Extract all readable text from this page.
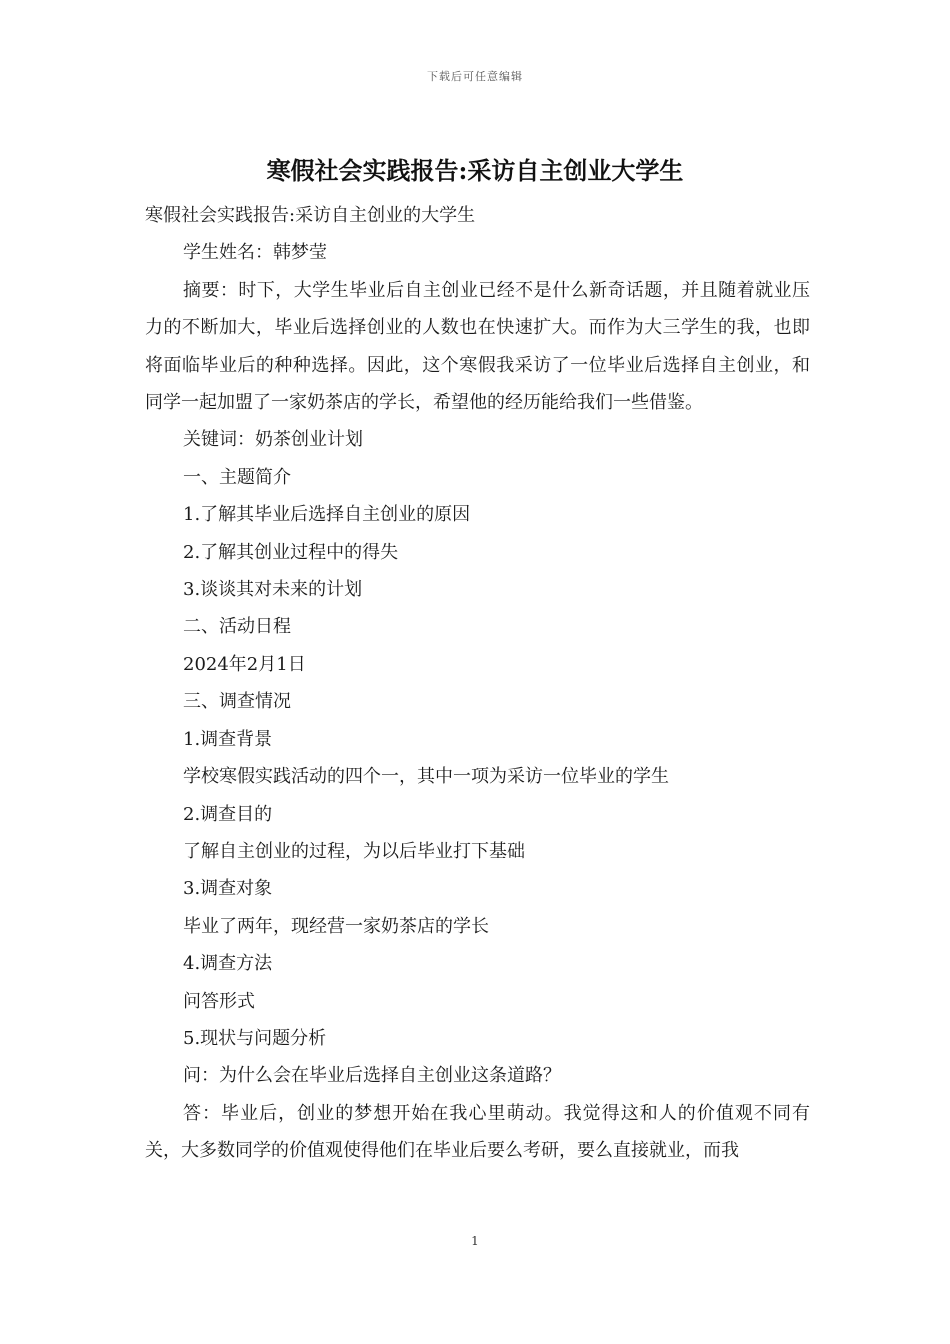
下载后可任意编辑
寒假社会实践报告:采访自主创业大学生

寒假社会实践报告:采访自主创业的大学生

学生姓名：韩梦莹

摘要：时下，大学生毕业后自主创业已经不是什么新奇话题，并且随着就业压力的不断加大，毕业后选择创业的人数也在快速扩大。而作为大三学生的我，也即将面临毕业后的种种选择。因此，这个寒假我采访了一位毕业后选择自主创业，和同学一起加盟了一家奶茶店的学长，希望他的经历能给我们一些借鉴。

关键词：奶茶创业计划

一、主题简介

1.了解其毕业后选择自主创业的原因

2.了解其创业过程中的得失

3.谈谈其对未来的计划

二、活动日程

2024年2月1日

三、调查情况

1.调查背景

学校寒假实践活动的四个一，其中一项为采访一位毕业的学生

2.调查目的

了解自主创业的过程，为以后毕业打下基础

3.调查对象

毕业了两年，现经营一家奶茶店的学长

4.调查方法

问答形式

5.现状与问题分析

问：为什么会在毕业后选择自主创业这条道路？

答：毕业后，创业的梦想开始在我心里萌动。我觉得这和人的价值观不同有关，大多数同学的价值观使得他们在毕业后要么考研，要么直接就业，而我

1
